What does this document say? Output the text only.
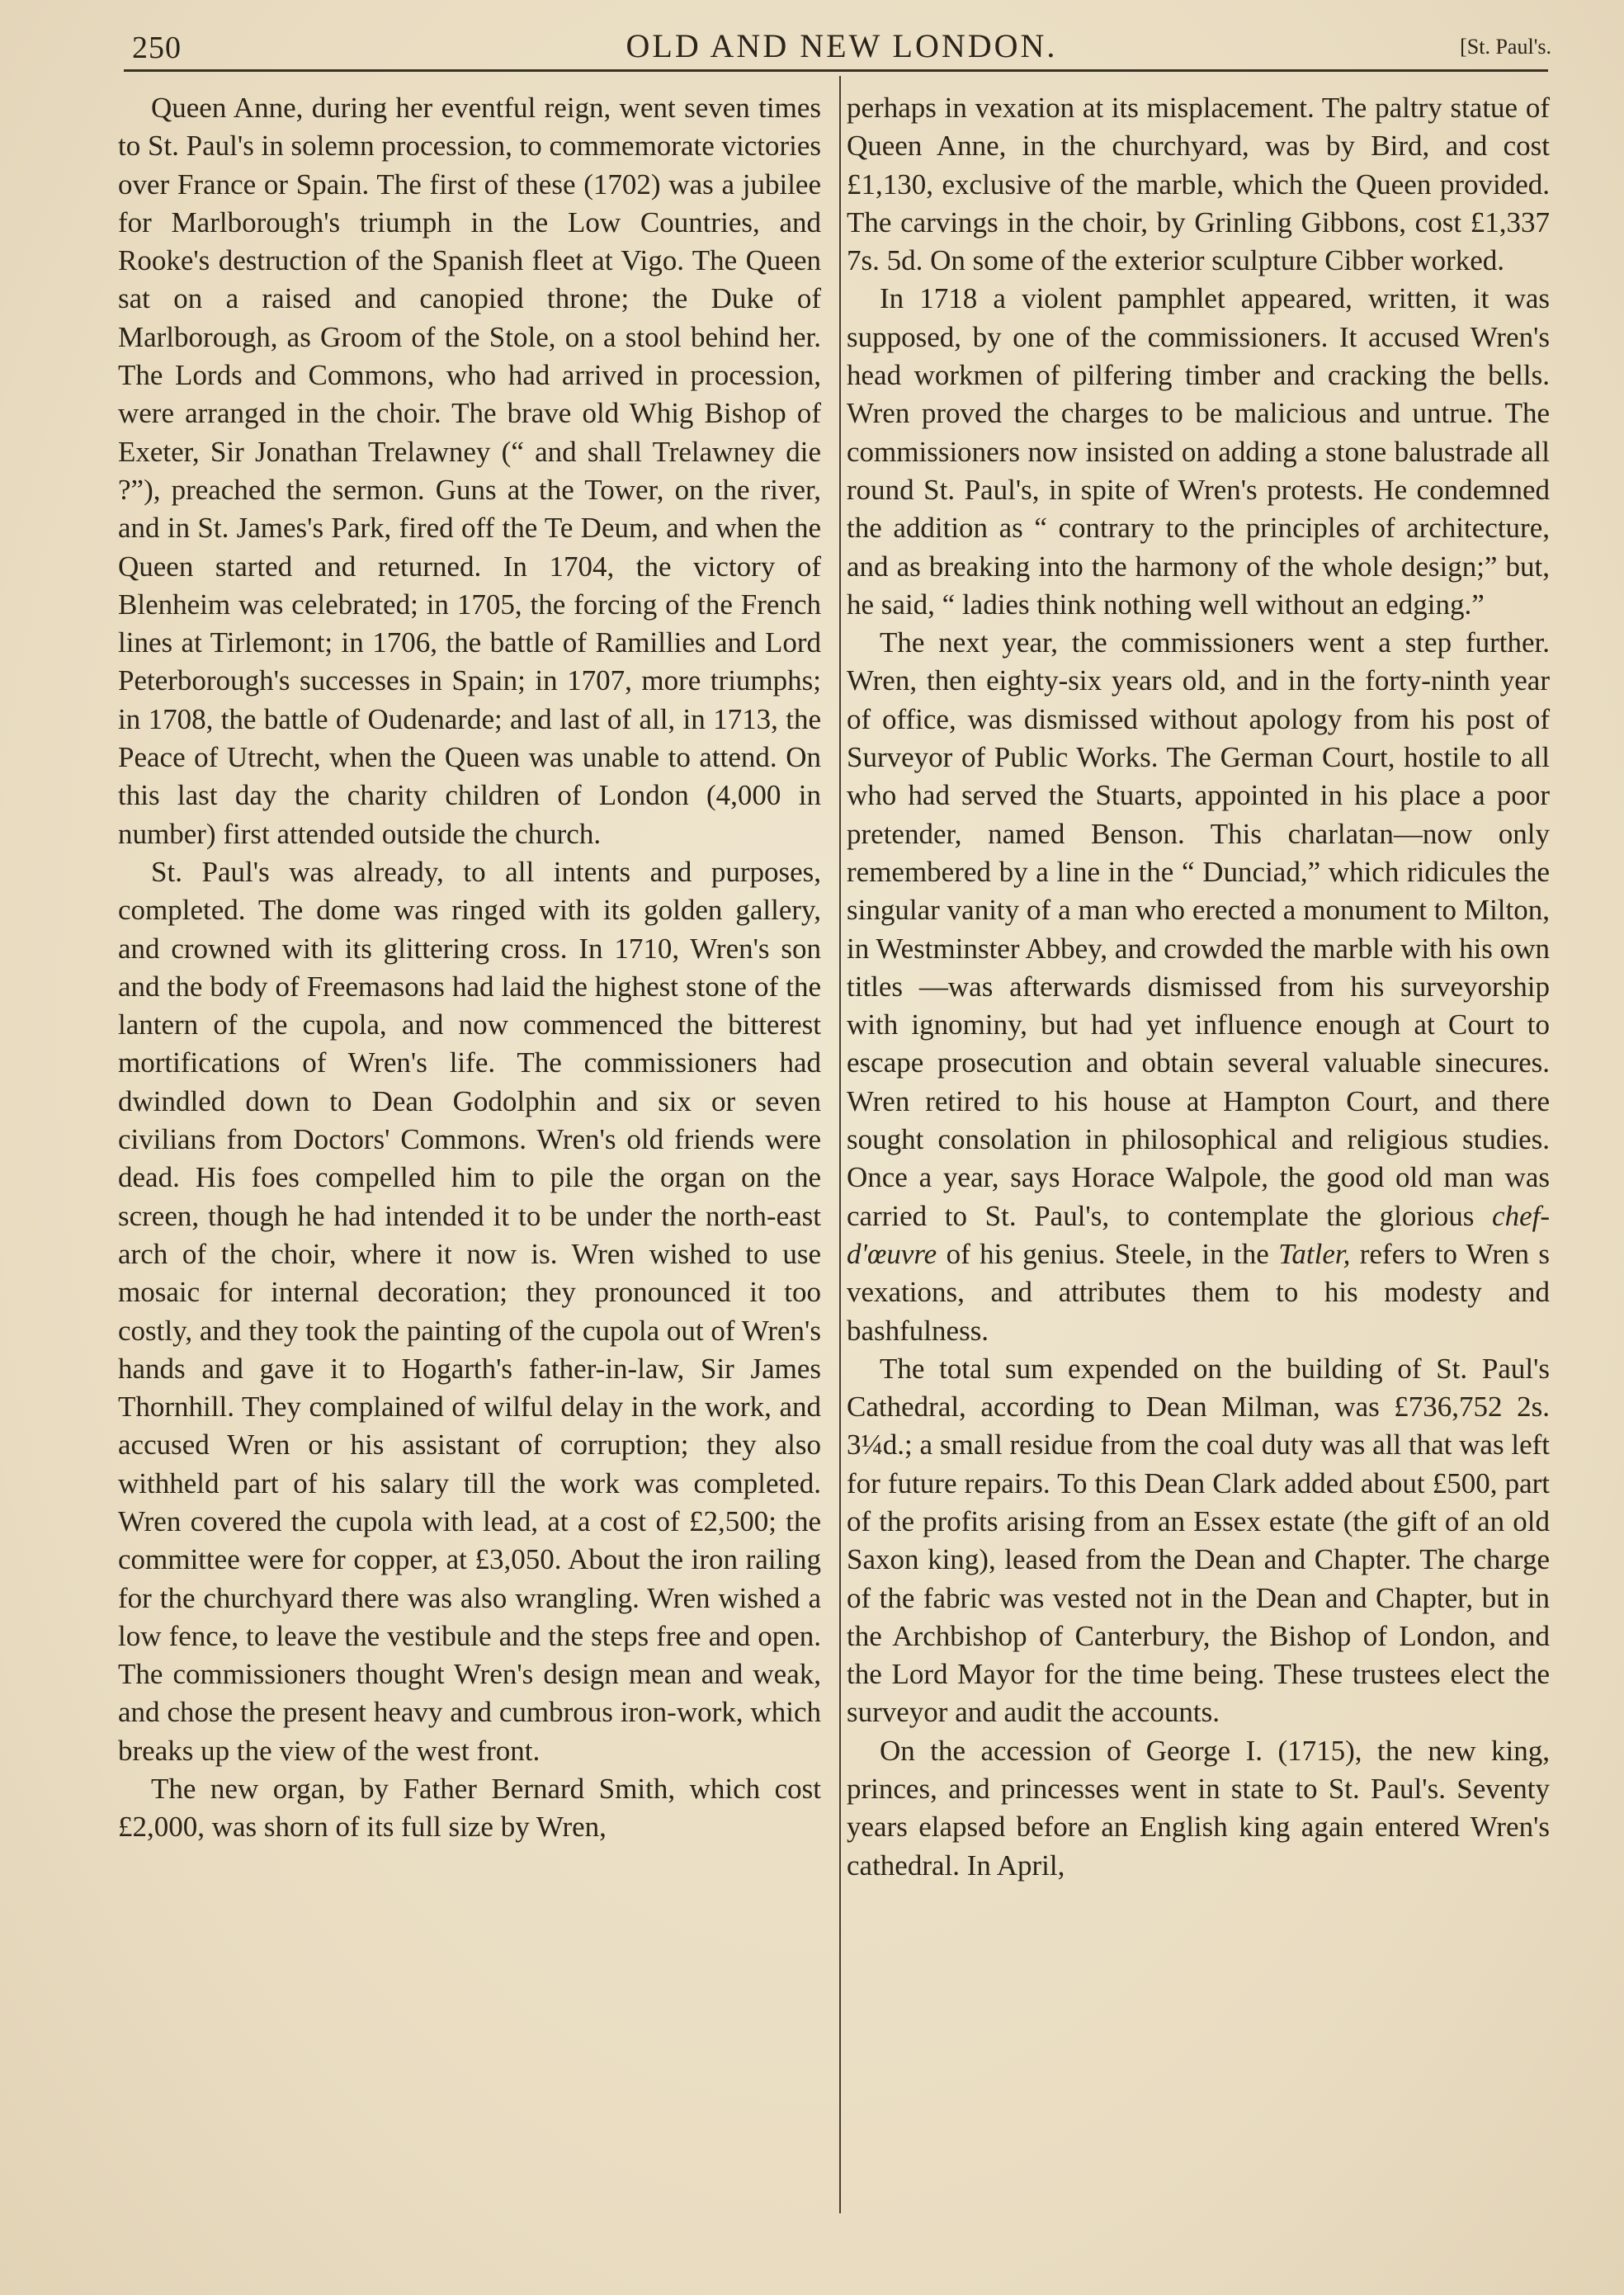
250	OLD AND NEW LONDON.	[St. Paul's.

Queen Anne, during her eventful reign, went seven times to St. Paul's in solemn procession, to commemorate victories over France or Spain. The first of these (1702) was a jubilee for Marlborough's triumph in the Low Countries, and Rooke's destruction of the Spanish fleet at Vigo. The Queen sat on a raised and canopied throne; the Duke of Marlborough, as Groom of the Stole, on a stool behind her. The Lords and Commons, who had arrived in procession, were arranged in the choir. The brave old Whig Bishop of Exeter, Sir Jonathan Trelawney (“ and shall Trelawney die ?”), preached the sermon. Guns at the Tower, on the river, and in St. James's Park, fired off the Te Deum, and when the Queen started and returned. In 1704, the victory of Blenheim was celebrated; in 1705, the forcing of the French lines at Tirlemont; in 1706, the battle of Ramillies and Lord Peterborough's successes in Spain; in 1707, more triumphs; in 1708, the battle of Oudenarde; and last of all, in 1713, the Peace of Utrecht, when the Queen was unable to attend. On this last day the charity children of London (4,000 in number) first attended outside the church.

St. Paul's was already, to all intents and purposes, completed. The dome was ringed with its golden gallery, and crowned with its glittering cross. In 1710, Wren's son and the body of Freemasons had laid the highest stone of the lantern of the cupola, and now commenced the bitterest mortifications of Wren's life. The commissioners had dwindled down to Dean Godolphin and six or seven civilians from Doctors' Commons. Wren's old friends were dead. His foes compelled him to pile the organ on the screen, though he had intended it to be under the north-east arch of the choir, where it now is. Wren wished to use mosaic for internal decoration; they pronounced it too costly, and they took the painting of the cupola out of Wren's hands and gave it to Hogarth's father-in-law, Sir James Thornhill. They complained of wilful delay in the work, and accused Wren or his assistant of corruption; they also withheld part of his salary till the work was completed. Wren covered the cupola with lead, at a cost of £2,500; the committee were for copper, at £3,050. About the iron railing for the churchyard there was also wrangling. Wren wished a low fence, to leave the vestibule and the steps free and open. The commissioners thought Wren's design mean and weak, and chose the present heavy and cumbrous iron-work, which breaks up the view of the west front.

The new organ, by Father Bernard Smith, which cost £2,000, was shorn of its full size by Wren,

perhaps in vexation at its misplacement. The paltry statue of Queen Anne, in the churchyard, was by Bird, and cost £1,130, exclusive of the marble, which the Queen provided. The carvings in the choir, by Grinling Gibbons, cost £1,337 7s. 5d. On some of the exterior sculpture Cibber worked.

In 1718 a violent pamphlet appeared, written, it was supposed, by one of the commissioners. It accused Wren's head workmen of pilfering timber and cracking the bells. Wren proved the charges to be malicious and untrue. The commissioners now insisted on adding a stone balustrade all round St. Paul's, in spite of Wren's protests. He condemned the addition as “ contrary to the principles of architecture, and as breaking into the harmony of the whole design;” but, he said, “ ladies think nothing well without an edging.”

The next year, the commissioners went a step further. Wren, then eighty-six years old, and in the forty-ninth year of office, was dismissed without apology from his post of Surveyor of Public Works. The German Court, hostile to all who had served the Stuarts, appointed in his place a poor pretender, named Benson. This charlatan—now only remembered by a line in the “ Dunciad,” which ridicules the singular vanity of a man who erected a monument to Milton, in Westminster Abbey, and crowded the marble with his own titles —was afterwards dismissed from his surveyorship with ignominy, but had yet influence enough at Court to escape prosecution and obtain several valuable sinecures. Wren retired to his house at Hampton Court, and there sought consolation in philosophical and religious studies. Once a year, says Horace Walpole, the good old man was carried to St. Paul's, to contemplate the glorious chef-d'œuvre of his genius. Steele, in the Tatler, refers to Wren s vexations, and attributes them to his modesty and bashfulness.

The total sum expended on the building of St. Paul's Cathedral, according to Dean Milman, was £736,752 2s. 3¼d.; a small residue from the coal duty was all that was left for future repairs. To this Dean Clark added about £500, part of the profits arising from an Essex estate (the gift of an old Saxon king), leased from the Dean and Chapter. The charge of the fabric was vested not in the Dean and Chapter, but in the Archbishop of Canterbury, the Bishop of London, and the Lord Mayor for the time being. These trustees elect the surveyor and audit the accounts.

On the accession of George I. (1715), the new king, princes, and princesses went in state to St. Paul's. Seventy years elapsed before an English king again entered Wren's cathedral. In April,
